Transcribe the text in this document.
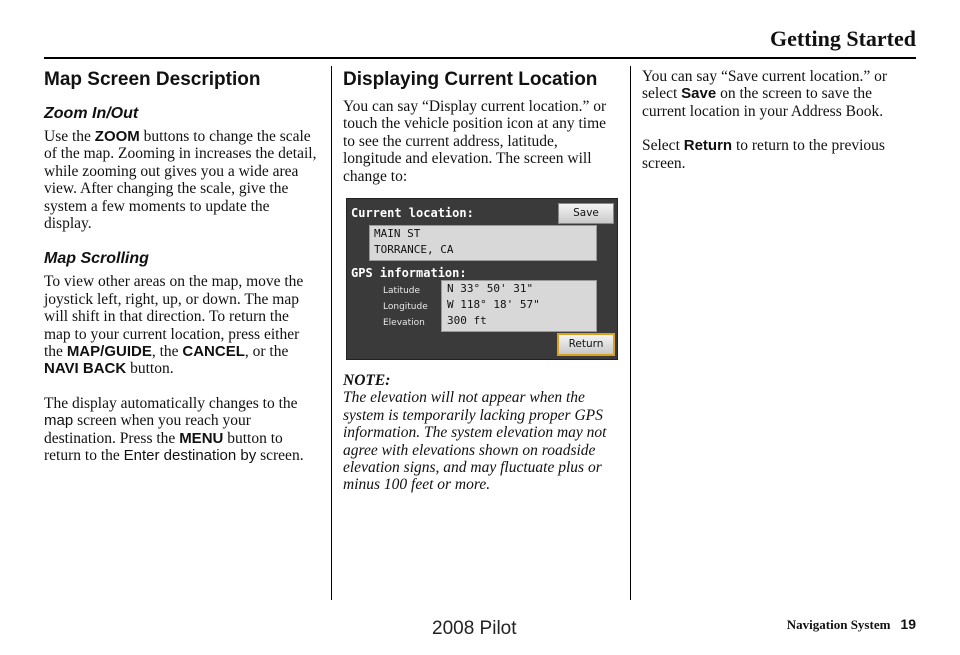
Getting Started
Map Screen Description
Zoom In/Out

Use the ZOOM buttons to change the scale of the map. Zooming in increases the detail, while zooming out gives you a wide area view. After changing the scale, give the system a few moments to update the display.

Map Scrolling

To view other areas on the map, move the joystick left, right, up, or down. The map will shift in that direction. To return the map to your current location, press either the MAP/GUIDE, the CANCEL, or the NAVI BACK button.

The display automatically changes to the map screen when you reach your destination. Press the MENU button to return to the Enter destination by screen.

Displaying Current Location

You can say “Display current location.” or touch the vehicle position icon at any time to see the current address, latitude, longitude and elevation. The screen will change to:

Current location:	Save
MAIN ST
TORRANCE, CA
GPS information:
Latitude
Longitude
Elevation
N 33° 50' 31"
W 118° 18' 57"
300 ft
Return
NOTE:

The elevation will not appear when the system is temporarily lacking proper GPS information. The system elevation may not agree with elevations shown on roadside elevation signs, and may fluctuate plus or minus 100 feet or more.

You can say “Save current location.” or select Save on the screen to save the current location in your Address Book.

Select Return to return to the previous screen.

Navigation System 19
2008 Pilot
